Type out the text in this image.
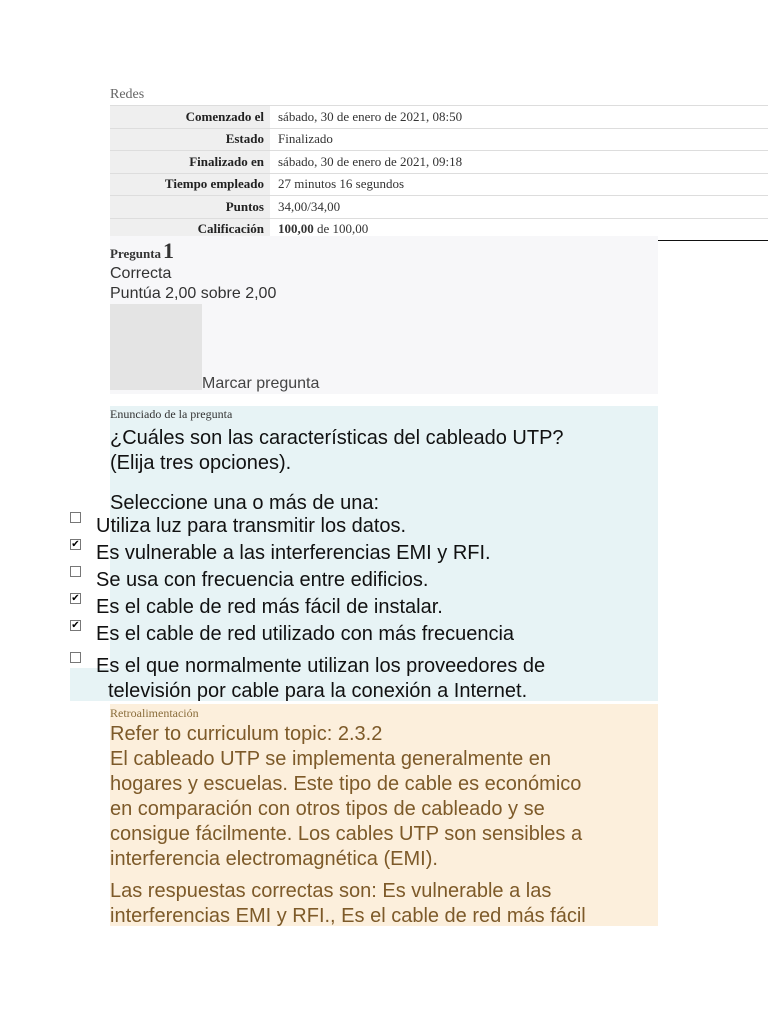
Redes
Comenzado el	sábado, 30 de enero de 2021, 08:50
Estado	Finalizado
Finalizado en	sábado, 30 de enero de 2021, 09:18
Tiempo empleado	27 minutos 16 segundos
Puntos	34,00/34,00
Calificación	100,00 de 100,00
Pregunta1
Correcta
Puntúa 2,00 sobre 2,00
Marcar pregunta
Enunciado de la pregunta
¿Cuáles son las características del cableado UTP?
(Elija tres opciones).
Seleccione una o más de una:
Utiliza luz para transmitir los datos.
✔ Es vulnerable a las interferencias EMI y RFI.
Se usa con frecuencia entre edificios.
✔ Es el cable de red más fácil de instalar.
✔ Es el cable de red utilizado con más frecuencia
Es el que normalmente utilizan los proveedores de
televisión por cable para la conexión a Internet.
Retroalimentación
Refer to curriculum topic: 2.3.2
El cableado UTP se implementa generalmente en
hogares y escuelas. Este tipo de cable es económico
en comparación con otros tipos de cableado y se
consigue fácilmente. Los cables UTP son sensibles a
interferencia electromagnética (EMI).
Las respuestas correctas son: Es vulnerable a las
interferencias EMI y RFI., Es el cable de red más fácil
